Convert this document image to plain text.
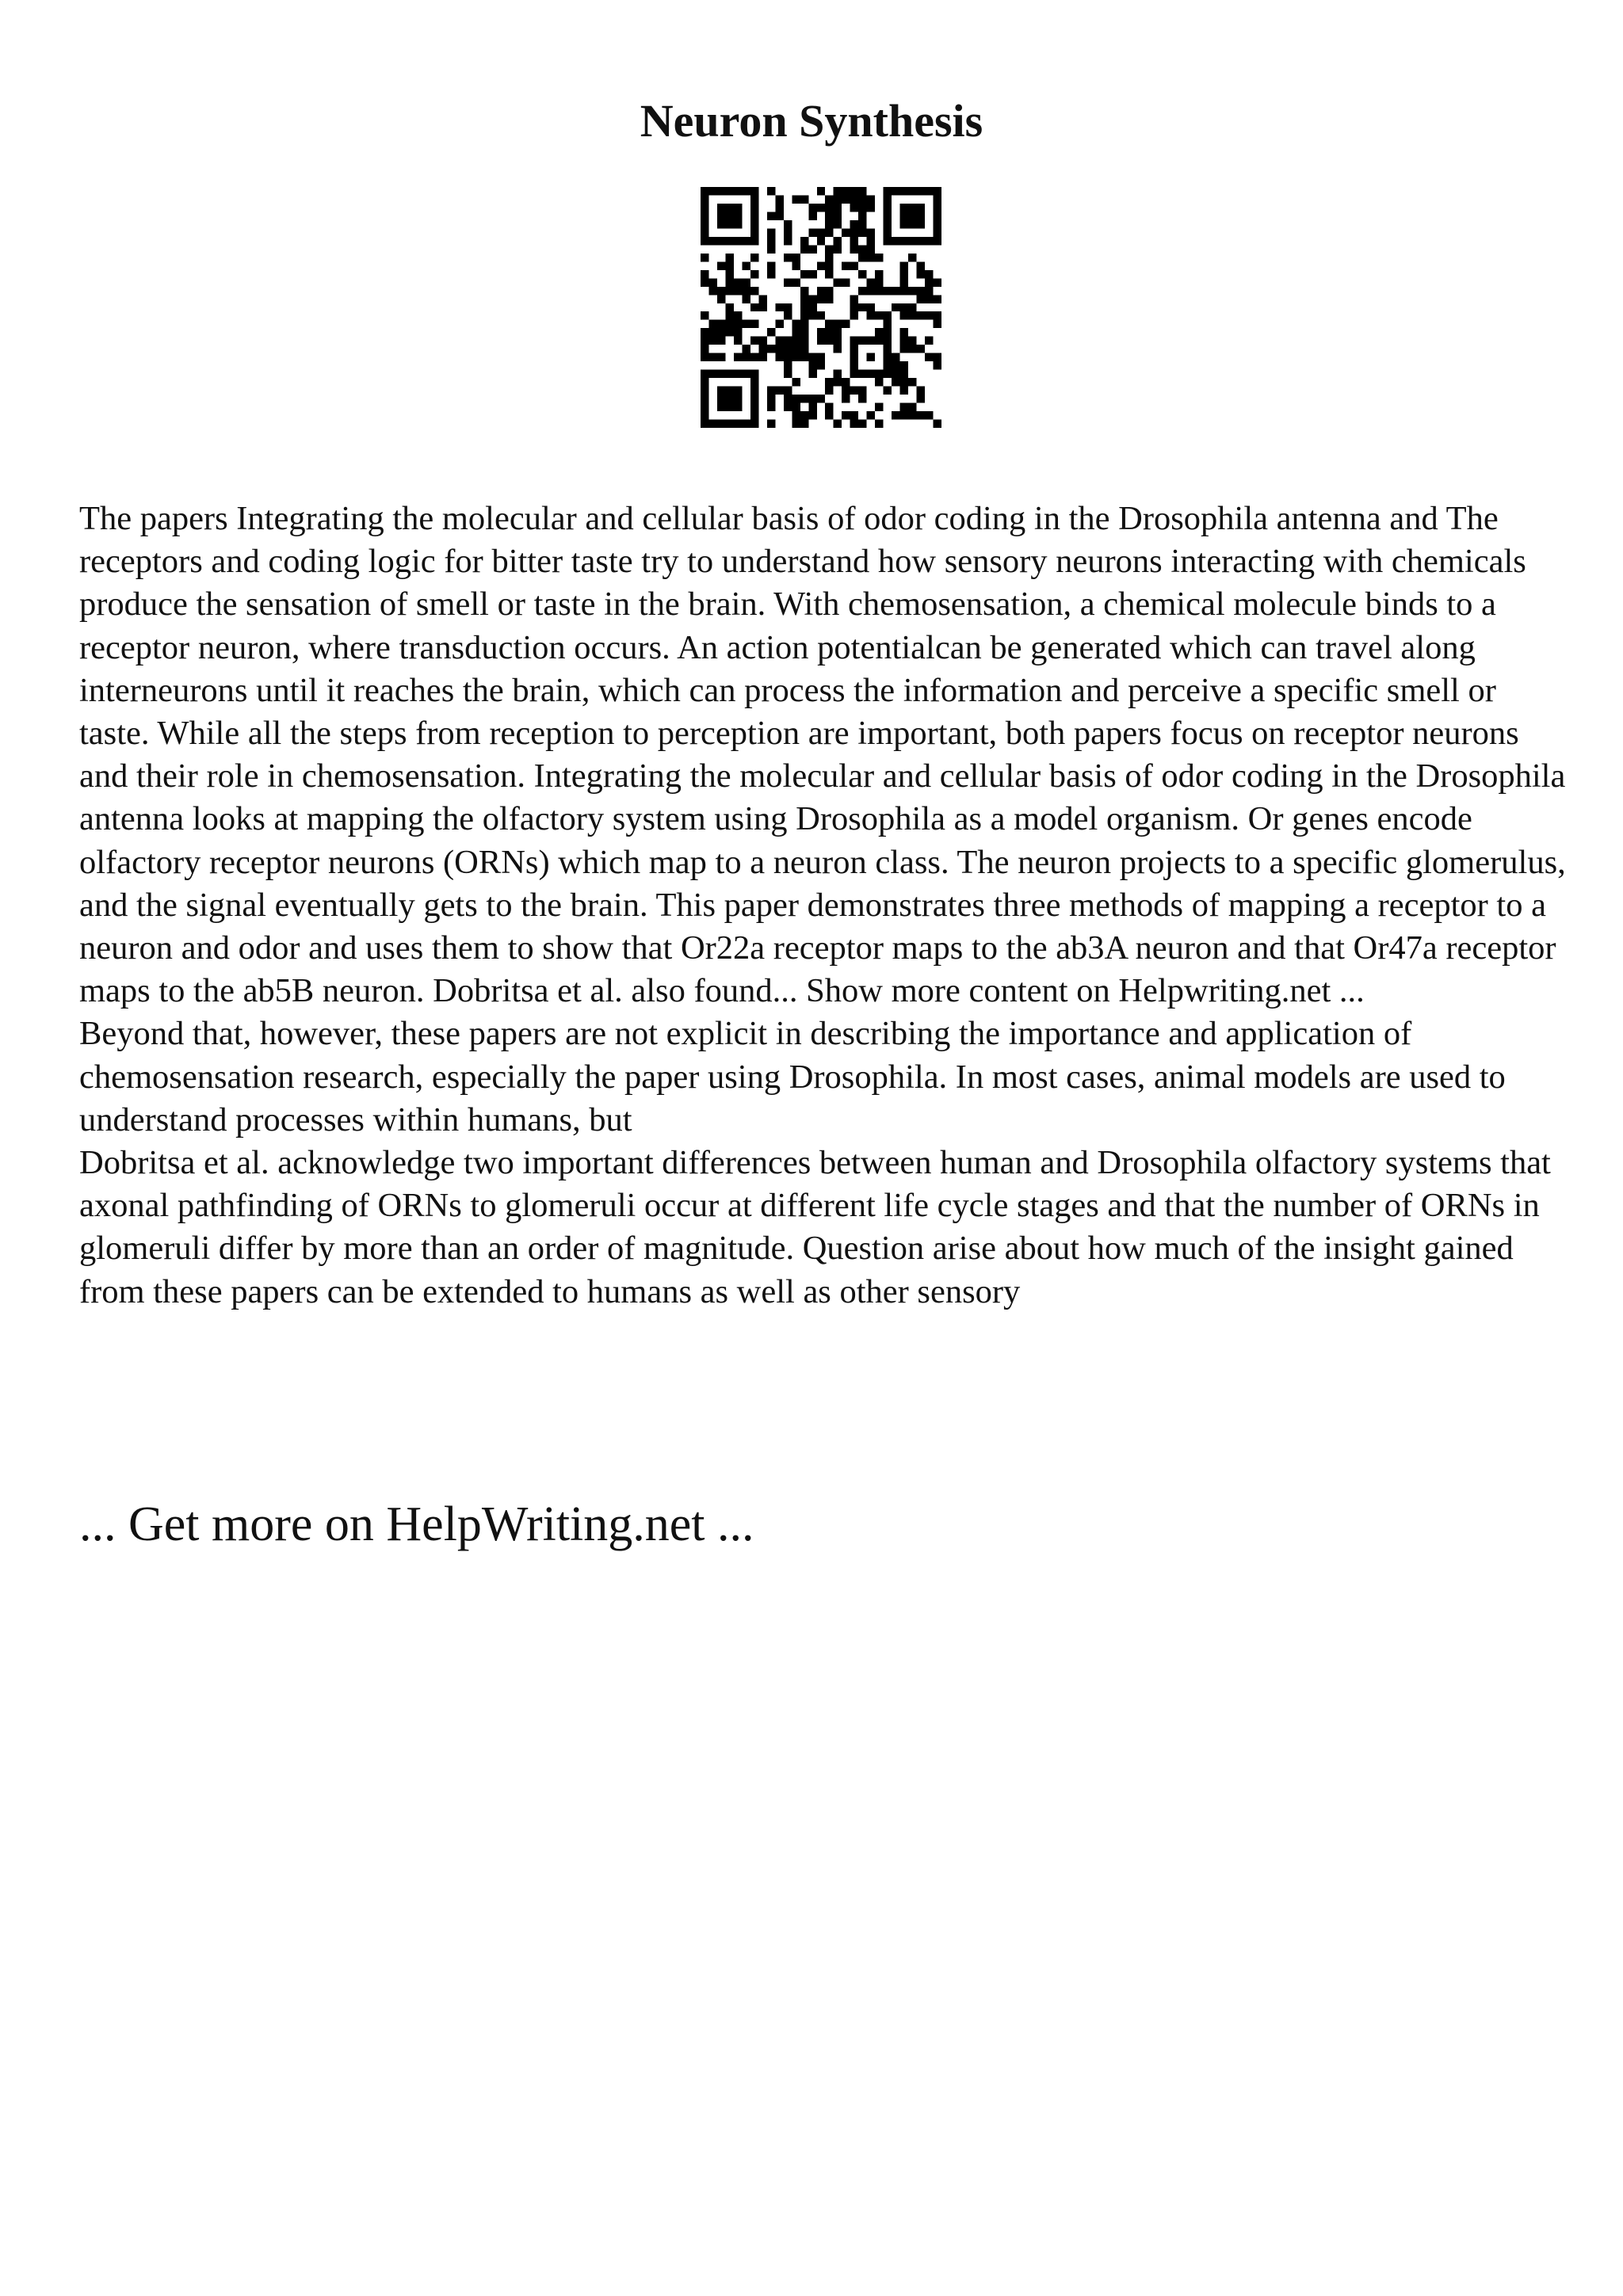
Neuron Synthesis

The papers Integrating the molecular and cellular basis of odor coding in the Drosophila antenna and The receptors and coding logic for bitter taste try to understand how sensory neurons interacting with chemicals produce the sensation of smell or taste in the brain. With chemosensation, a chemical molecule binds to a receptor neuron, where transduction occurs. An action potentialcan be generated which can travel along interneurons until it reaches the brain, which can process the information and perceive a specific smell or taste. While all the steps from reception to perception are important, both papers focus on receptor neurons and their role in chemosensation. Integrating the molecular and cellular basis of odor coding in the Drosophila antenna looks at mapping the olfactory system using Drosophila as a model organism. Or genes encode olfactory receptor neurons (ORNs) which map to a neuron class. The neuron projects to a specific glomerulus, and the signal eventually gets to the brain. This paper demonstrates three methods of mapping a receptor to a neuron and odor and uses them to show that Or22a receptor maps to the ab3A neuron and that Or47a receptor maps to the ab5B neuron. Dobritsa et al. also found... Show more content on Helpwriting.net ...

Beyond that, however, these papers are not explicit in describing the importance and application of chemosensation research, especially the paper using Drosophila. In most cases, animal models are used to understand processes within humans, but

Dobritsa et al. acknowledge two important differences between human and Drosophila olfactory systems that axonal pathfinding of ORNs to glomeruli occur at different life cycle stages and that the number of ORNs in glomeruli differ by more than an order of magnitude. Question arise about how much of the insight gained from these papers can be extended to humans as well as other sensory

... Get more on HelpWriting.net ...
